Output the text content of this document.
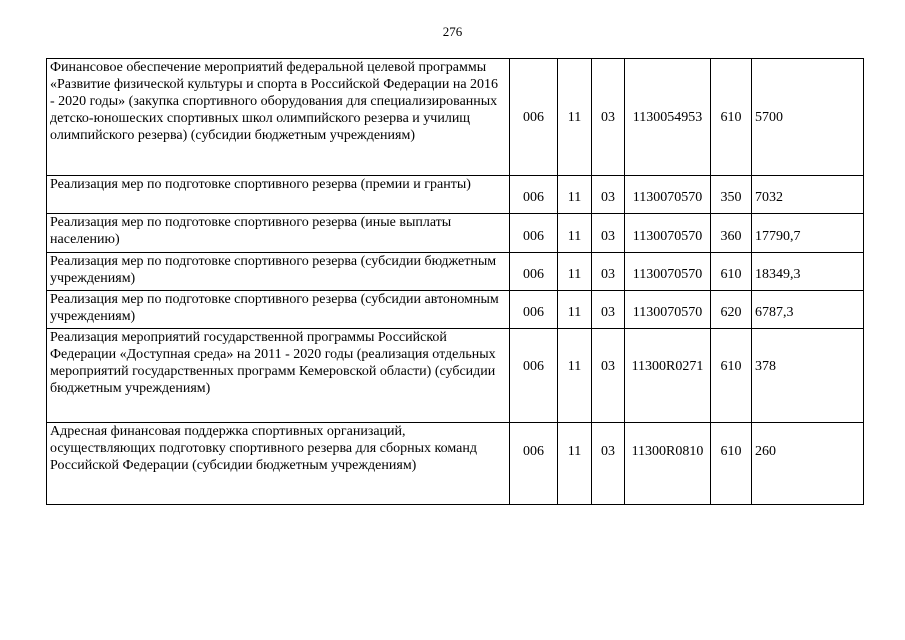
276
Финансовое обеспечение мероприятий федеральной целевой программы «Развитие физической культуры и спорта в Российской Федерации на 2016 - 2020 годы» (закупка спортивного оборудования для специализированных детско-юношеских спортивных школ олимпийского резерва и училищ олимпийского резерва) (субсидии бюджетным учреждениям)	006	11	03	1130054953	610	5700
Реализация мер по подготовке спортивного резерва (премии и гранты)	006	11	03	1130070570	350	7032
Реализация мер по подготовке спортивного резерва (иные выплаты населению)	006	11	03	1130070570	360	17790,7
Реализация мер по подготовке спортивного резерва (субсидии бюджетным учреждениям)	006	11	03	1130070570	610	18349,3
Реализация мер по подготовке спортивного резерва (субсидии автономным учреждениям)	006	11	03	1130070570	620	6787,3
Реализация мероприятий государственной программы Российской Федерации «Доступная среда» на 2011 - 2020 годы (реализация отдельных мероприятий государственных программ Кемеровской области) (субсидии бюджетным учреждениям)	006	11	03	11300R0271	610	378
Адресная финансовая поддержка спортивных организаций, осуществляющих подготовку спортивного резерва для сборных команд Российской Федерации (субсидии бюджетным учреждениям)	006	11	03	11300R0810	610	260
